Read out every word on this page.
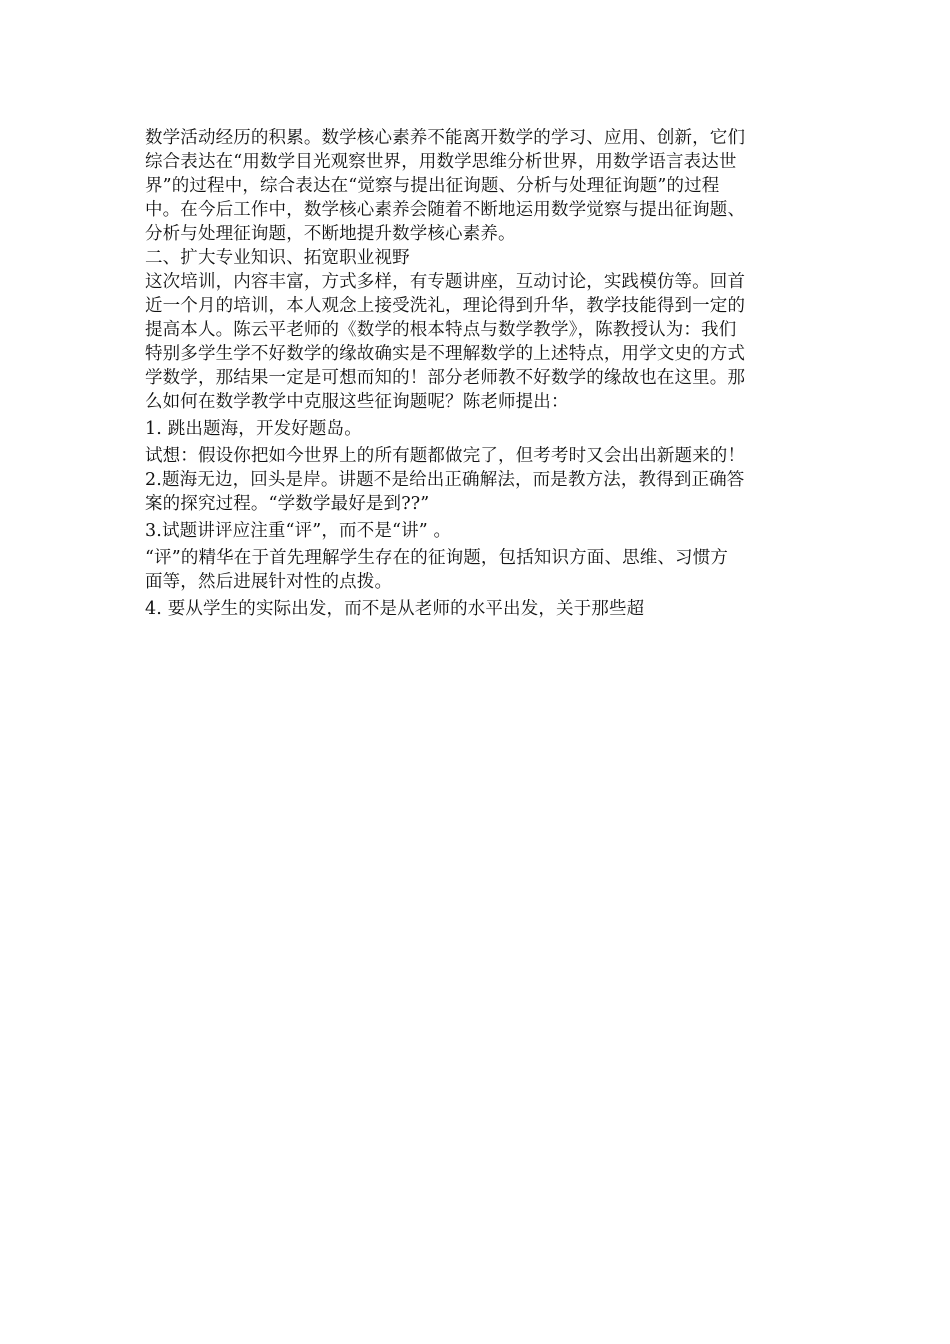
数学活动经历的积累。数学核心素养不能离开数学的学习、应用、创新，它们
综合表达在“用数学目光观察世界，用数学思维分析世界，用数学语言表达世
界”的过程中，综合表达在“觉察与提出征询题、分析与处理征询题”的过程
中。在今后工作中，数学核心素养会随着不断地运用数学觉察与提出征询题、
分析与处理征询题，不断地提升数学核心素养。
二、扩大专业知识、拓宽职业视野
这次培训，内容丰富，方式多样，有专题讲座，互动讨论，实践模仿等。回首
近一个月的培训，本人观念上接受洗礼，理论得到升华，教学技能得到一定的
提高本人。陈云平老师的《数学的根本特点与数学教学》，陈教授认为：我们
特别多学生学不好数学的缘故确实是不理解数学的上述特点，用学文史的方式
学数学，那结果一定是可想而知的！部分老师教不好数学的缘故也在这里。那
么如何在数学教学中克服这些征询题呢？陈老师提出：
1. 跳出题海，开发好题岛。
试想：假设你把如今世界上的所有题都做完了，但考考时又会出出新题来的！
2.题海无边，回头是岸。讲题不是给出正确解法，而是教方法，教得到正确答
案的探究过程。“学数学最好是到??”
3.试题讲评应注重“评”，而不是“讲” 。
“评”的精华在于首先理解学生存在的征询题，包括知识方面、思维、习惯方
面等，然后进展针对性的点拨。
4. 要从学生的实际出发，而不是从老师的水平出发，关于那些超
